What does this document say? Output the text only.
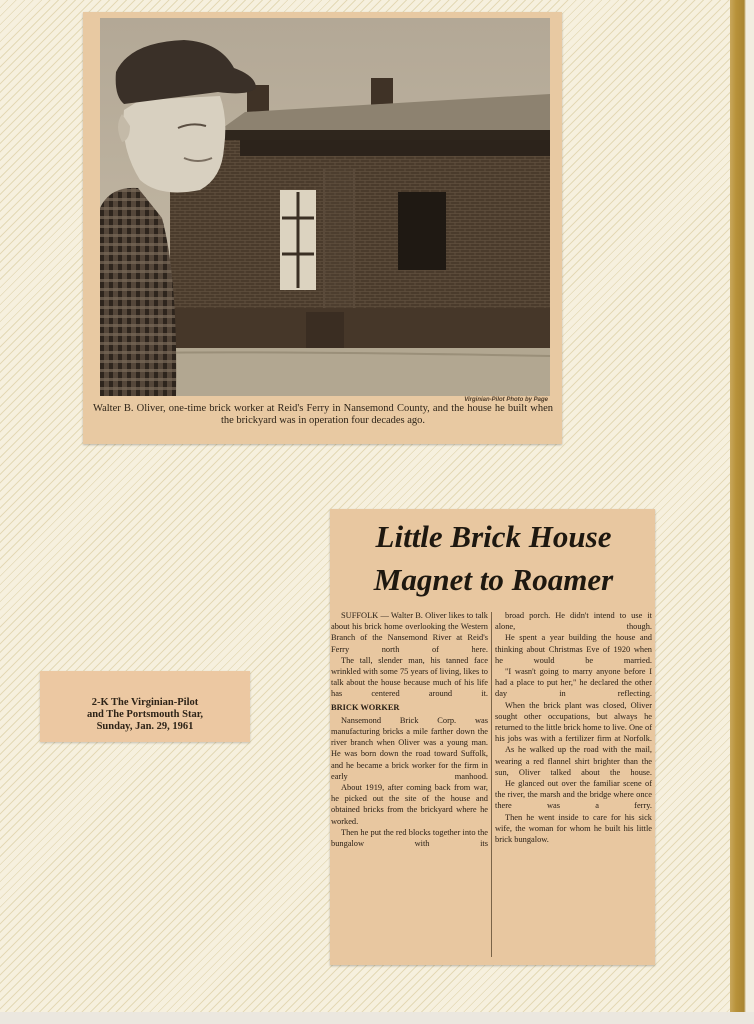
Virginian-Pilot Photo by Page
Walter B. Oliver, one-time brick worker at Reid's Ferry in Nansemond County, and the house he built when the brickyard was in operation four decades ago.
2-K The Virginian-Pilot
and The Portsmouth Star,
Sunday, Jan. 29, 1961
Little Brick House
Magnet to Roamer

SUFFOLK — Walter B. Oliver likes to talk about his brick home overlooking the Western Branch of the Nansemond River at Reid's Ferry north of here.

The tall, slender man, his tanned face wrinkled with some 75 years of living, likes to talk about the house because much of his life has centered around it.

BRICK WORKER

Nansemond Brick Corp. was manufacturing bricks a mile farther down the river branch when Oliver was a young man. He was born down the road toward Suffolk, and he became a brick worker for the firm in early manhood.

About 1919, after coming back from war, he picked out the site of the house and obtained bricks from the brickyard where he worked.

Then he put the red blocks together into the bungalow with its

broad porch. He didn't intend to use it alone, though.

He spent a year building the house and thinking about Christmas Eve of 1920 when he would be married.

"I wasn't going to marry anyone before I had a place to put her," he declared the other day in reflecting.

When the brick plant was closed, Oliver sought other occupations, but always he returned to the little brick home to live. One of his jobs was with a fertilizer firm at Norfolk.

As he walked up the road with the mail, wearing a red flannel shirt brighter than the sun, Oliver talked about the house.

He glanced out over the familiar scene of the river, the marsh and the bridge where once there was a ferry.

Then he went inside to care for his sick wife, the woman for whom he built his little brick bungalow.
